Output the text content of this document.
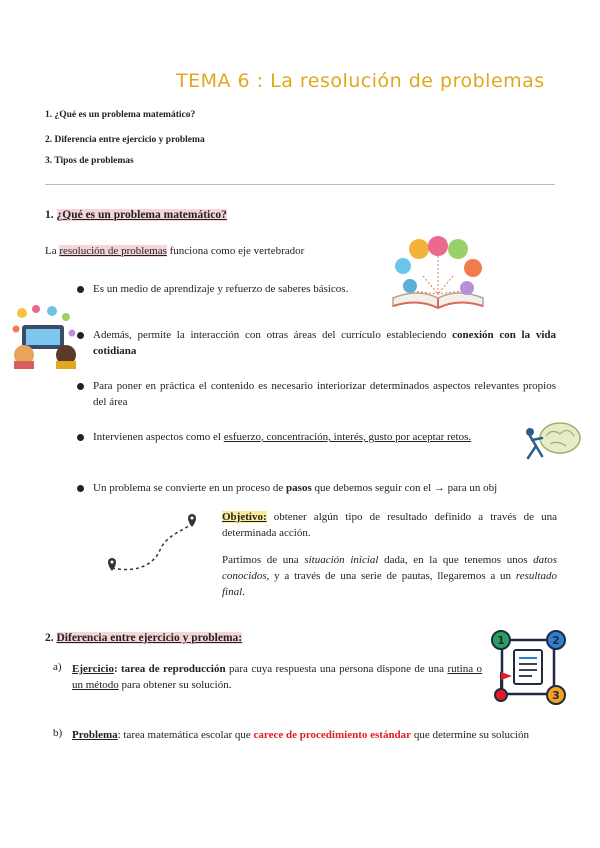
TEMA 6 : La resolución de problemas
1. ¿Qué es un problema matemático?
2. Diferencia entre ejercicio y problema
3. Tipos de problemas
1. ¿Qué es un problema matemático?
La resolución de problemas funciona como eje vertebrador
Es un medio de aprendizaje y refuerzo de saberes básicos.
Además, permite la interacción con otras áreas del currículo estableciendo conexión con la vida cotidiana
Para poner en práctica el contenido es necesario interiorizar determinados aspectos relevantes propios del área
Intervienen aspectos como el esfuerzo, concentración, interés, gusto por aceptar retos.
Un problema se convierte en un proceso de pasos que debemos seguir con el → para un obj
Objetivo: obtener algún tipo de resultado definido a través de una determinada acción.
Partimos de una situación inicial dada, en la que tenemos unos datos conocidos, y a través de una serie de pautas, llegaremos a un resultado final.
2. Diferencia entre ejercicio y problema:	1	2
3
a) Ejercicio: tarea de reproducción para cuya respuesta una persona dispone de una rutina o un método para obtener su solución.
b) Problema: tarea matemática escolar que carece de procedimiento estándar que determine su solución
